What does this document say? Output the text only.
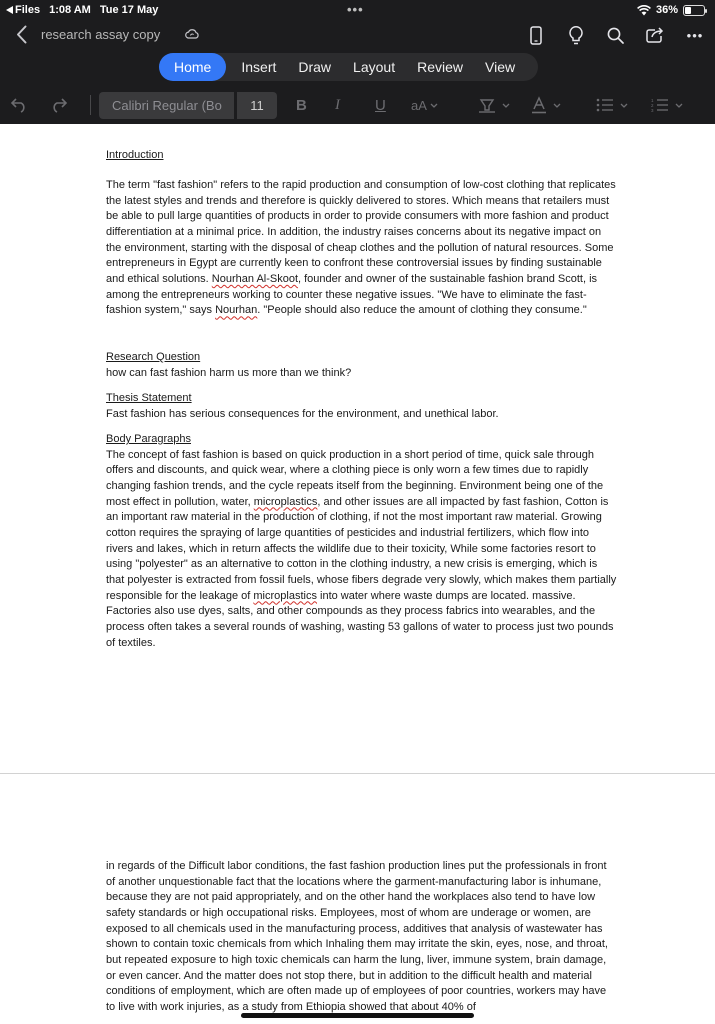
Files 1:08 AM Tue 17 May	•••	36%
research assay copy	•••
Home	Insert	Draw	Layout	Review	View
Calibri Regular (Bo	11	B I U aA	1
2
3
Introduction
The term "fast fashion" refers to the rapid production and consumption of low-cost clothing that replicates the latest styles and trends and therefore is quickly delivered to stores. Which means that retailers must be able to pull large quantities of products in order to provide consumers with more fashion and product differentiation at a minimal price. In addition, the industry raises concerns about its negative impact on the environment, starting with the disposal of cheap clothes and the pollution of natural resources. Some entrepreneurs in Egypt are currently keen to confront these controversial issues by finding sustainable and ethical solutions. Nourhan Al-Skoot, founder and owner of the sustainable fashion brand Scott, is among the entrepreneurs working to counter these negative issues. "We have to eliminate the fast-fashion system," says Nourhan. "People should also reduce the amount of clothing they consume."
Research Question
how can fast fashion harm us more than we think?
Thesis Statement
Fast fashion has serious consequences for the environment, and unethical labor.
Body Paragraphs
The concept of fast fashion is based on quick production in a short period of time, quick sale through offers and discounts, and quick wear, where a clothing piece is only worn a few times due to rapidly changing fashion trends, and the cycle repeats itself from the beginning. Environment being one of the most effect in pollution, water, microplastics, and other issues are all impacted by fast fashion, Cotton is an important raw material in the production of clothing, if not the most important raw material. Growing cotton requires the spraying of large quantities of pesticides and industrial fertilizers, which flow into rivers and lakes, which in return affects the wildlife due to their toxicity, While some factories resort to using "polyester" as an alternative to cotton in the clothing industry, a new crisis is emerging, which is that polyester is extracted from fossil fuels, whose fibers degrade very slowly, which makes them partially responsible for the leakage of microplastics into water where waste dumps are located. massive. Factories also use dyes, salts, and other compounds as they process fabrics into wearables, and the process often takes a several rounds of washing, wasting 53 gallons of water to process just two pounds of textiles.
in regards of the Difficult labor conditions, the fast fashion production lines put the professionals in front of another unquestionable fact that the locations where the garment-manufacturing labor is inhumane, because they are not paid appropriately, and on the other hand the workplaces also tend to have low safety standards or high occupational risks. Employees, most of whom are underage or women, are exposed to all chemicals used in the manufacturing process, additives that analysis of wastewater has shown to contain toxic chemicals from which Inhaling them may irritate the skin, eyes, nose, and throat, but repeated exposure to high toxic chemicals can harm the lung, liver, immune system, brain damage, or even cancer. And the matter does not stop there, but in addition to the difficult health and material conditions of employment, which are often made up of employees of poor countries, workers may have to live with work injuries, as a study from Ethiopia showed that about 40% of
